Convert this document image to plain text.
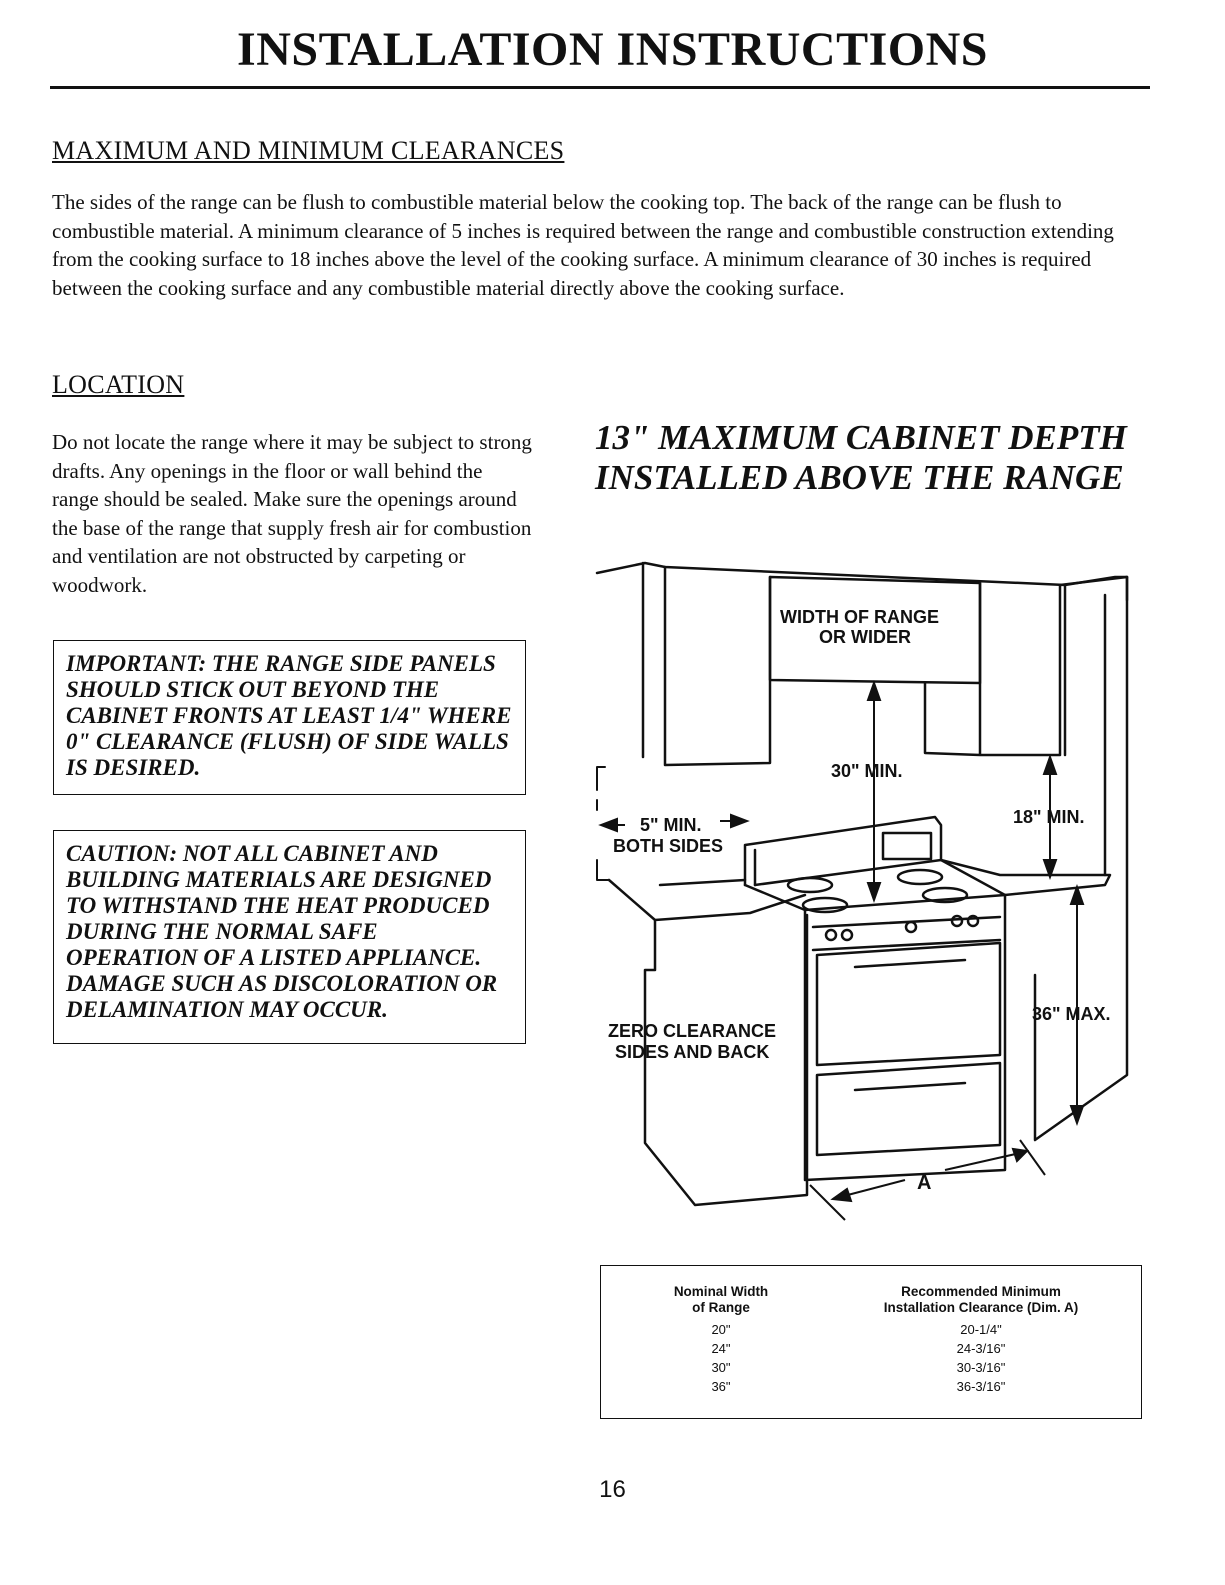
INSTALLATION INSTRUCTIONS
MAXIMUM AND MINIMUM CLEARANCES

The sides of the range can be flush to combustible material below the cooking top. The back of the range can be flush to combustible material. A minimum clearance of 5 inches is required between the range and combustible construction extending from the cooking surface to 18 inches above the level of the cooking surface. A minimum clearance of 30 inches is required between the cooking surface and any combustible material directly above the cooking surface.

LOCATION

Do not locate the range where it may be subject to strong drafts. Any openings in the floor or wall behind the range should be sealed. Make sure the openings around the base of the range that supply fresh air for combustion and ventilation are not obstructed by carpeting or woodwork.

IMPORTANT: THE RANGE SIDE PANELS SHOULD STICK OUT BEYOND THE CABINET FRONTS AT LEAST 1/4" WHERE 0" CLEARANCE (FLUSH) OF SIDE WALLS IS DESIRED.
CAUTION: NOT ALL CABINET AND BUILDING MATERIALS ARE DESIGNED TO WITHSTAND THE HEAT PRODUCED DURING THE NORMAL SAFE OPERATION OF A LISTED APPLIANCE. DAMAGE SUCH AS DISCOLORATION OR DELAMINATION MAY OCCUR.
13" MAXIMUM CABINET DEPTH
INSTALLED ABOVE THE RANGE
WIDTH OF RANGE
OR WIDER
30" MIN.
5" MIN.
BOTH SIDES
18" MIN.
36" MAX.
ZERO CLEARANCE
SIDES AND BACK
A
Nominal Width
of Range
20"
24"
30"
36"
Recommended Minimum
Installation Clearance (Dim. A)
20-1/4"
24-3/16"
30-3/16"
36-3/16"
16
